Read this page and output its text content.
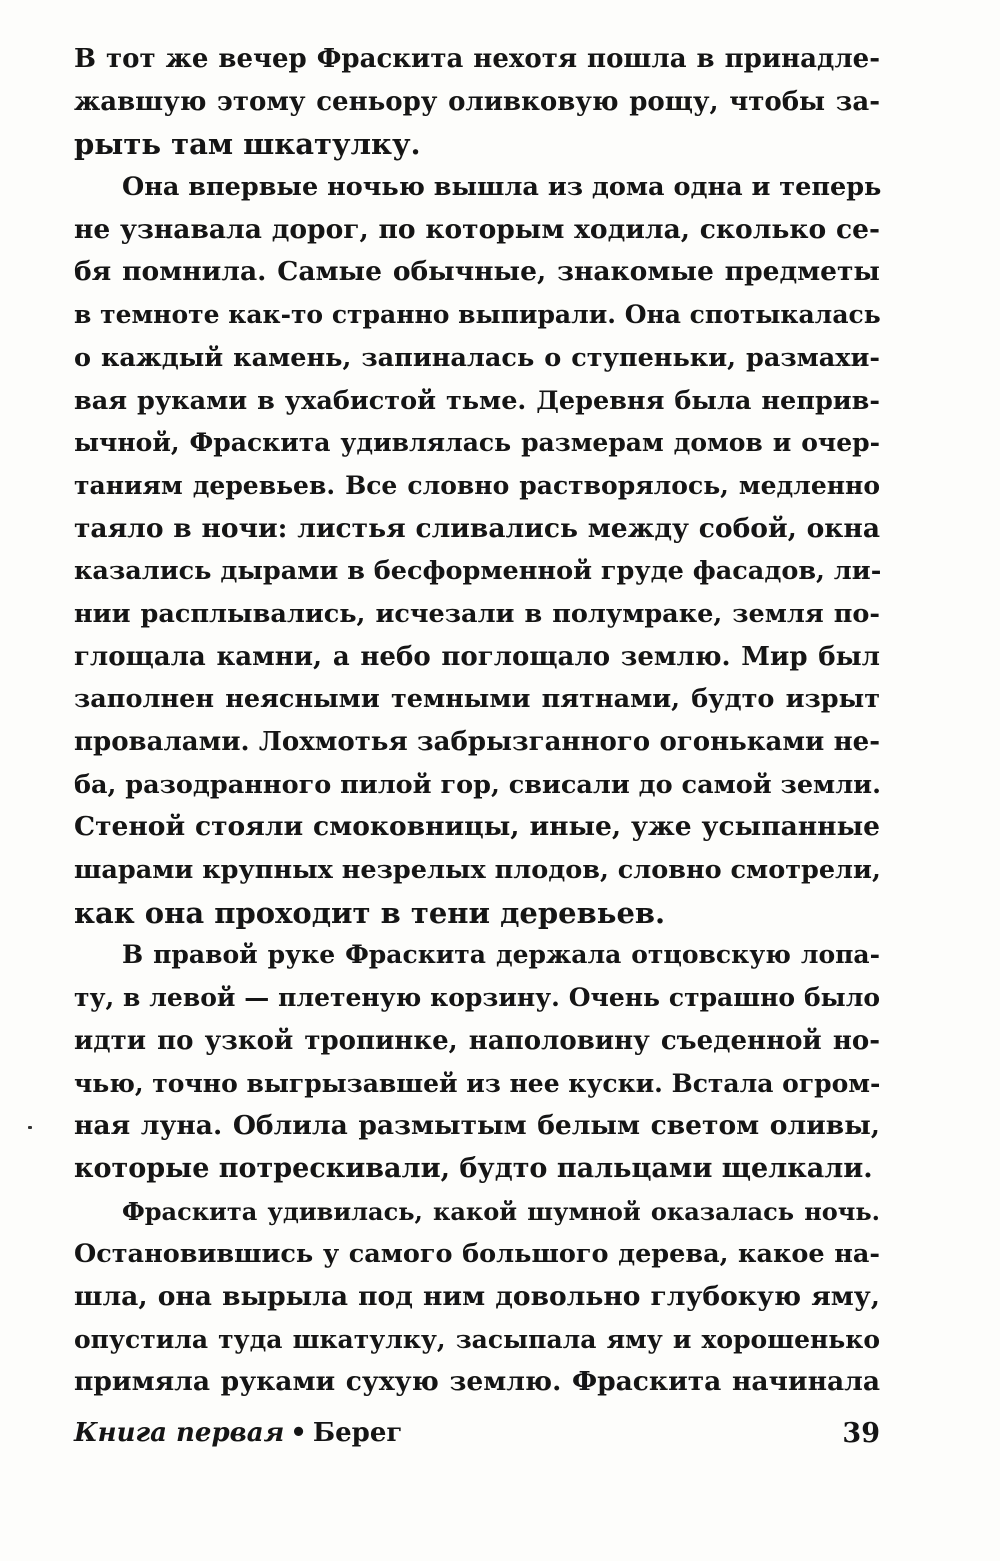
В тот же вечер Фраскита нехотя пошла в принадле-
жавшую этому сеньору оливковую рощу, чтобы за-
рыть там шкатулку.
Она впервые ночью вышла из дома одна и теперь
не узнавала дорог, по которым ходила, сколько се-
бя помнила. Самые обычные, знакомые предметы
в темноте как-то странно выпирали. Она спотыкалась
о каждый камень, запиналась о ступеньки, размахи-
вая руками в ухабистой тьме. Деревня была неприв-
ычной, Фраскита удивлялась размерам домов и очер-
таниям деревьев. Все словно растворялось, медленно
таяло в ночи: листья сливались между собой, окна
казались дырами в бесформенной груде фасадов, ли-
нии расплывались, исчезали в полумраке, земля по-
глощала камни, а небо поглощало землю. Мир был
заполнен неясными темными пятнами, будто изрыт
провалами. Лохмотья забрызганного огоньками не-
ба, разодранного пилой гор, свисали до самой земли.
Стеной стояли смоковницы, иные, уже усыпанные
шарами крупных незрелых плодов, словно смотрели,
как она проходит в тени деревьев.
В правой руке Фраскита держала отцовскую лопа-
ту, в левой — плетеную корзину. Очень страшно было
идти по узкой тропинке, наполовину съеденной но-
чью, точно выгрызавшей из нее куски. Встала огром-
ная луна. Облила размытым белым светом оливы,
которые потрескивали, будто пальцами щелкали.
Фраскита удивилась, какой шумной оказалась ночь.
Остановившись у самого большого дерева, какое на-
шла, она вырыла под ним довольно глубокую яму,
опустила туда шкатулку, засыпала яму и хорошенько
примяла руками сухую землю. Фраскита начинала
Книга первая • Берег	39
